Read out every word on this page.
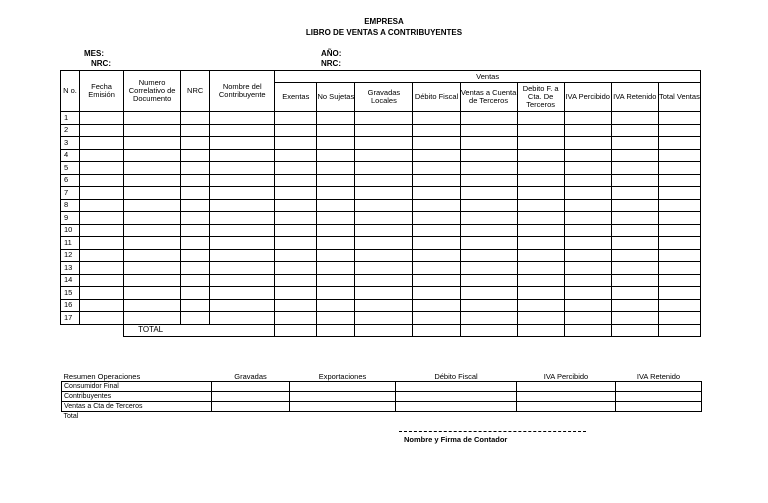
EMPRESA
LIBRO DE VENTAS A CONTRIBUYENTES
MES:
NRC:
AÑO:
NRC:
N o.	Fecha Emisión	Numero Correlativo de Documento	NRC	Nombre del Contribuyente	Ventas								
					Exentas	No Sujetas	Gravadas Locales	Débito Fiscal	Ventas a Cuenta de Terceros	Debito F. a Cta. De Terceros	IVA Percibido	IVA Retenido	Total Ventas
1													
2													
3													
4													
5													
6													
7													
8													
9													
10													
11													
12													
13													
14													
15													
16													
17													
		TOTAL											
Resumen Operaciones	Gravadas	Exportaciones	Débito Fiscal	IVA Percibido	IVA Retenido
Consumidor Final					
Contribuyentes					
Ventas a Cta de Terceros					
Total					
Nombre y Firma de Contador
